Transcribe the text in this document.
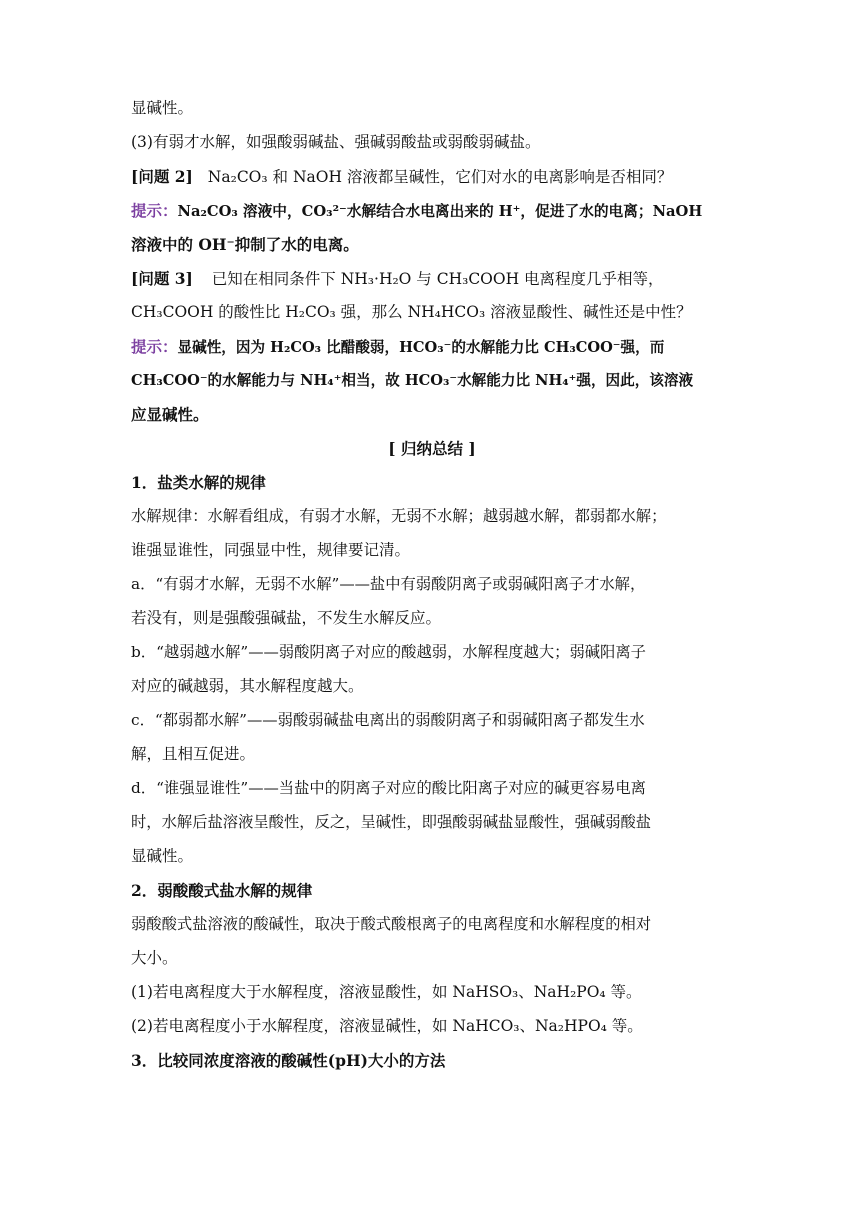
显碱性。
(3)有弱才水解，如强酸弱碱盐、强碱弱酸盐或弱酸弱碱盐。
[问题 2] Na₂CO₃ 和 NaOH 溶液都呈碱性，它们对水的电离影响是否相同？
提示：Na₂CO₃ 溶液中，CO₃²⁻水解结合水电离出来的 H⁺，促进了水的电离；NaOH
溶液中的 OH⁻抑制了水的电离。
[问题 3] 已知在相同条件下 NH₃·H₂O 与 CH₃COOH 电离程度几乎相等，
CH₃COOH 的酸性比 H₂CO₃ 强，那么 NH₄HCO₃ 溶液显酸性、碱性还是中性？
提示：显碱性，因为 H₂CO₃ 比醋酸弱，HCO₃⁻的水解能力比 CH₃COO⁻强，而
CH₃COO⁻的水解能力与 NH₄⁺相当，故 HCO₃⁻水解能力比 NH₄⁺强，因此，该溶液
应显碱性。
[ 归纳总结 ]
1．盐类水解的规律
水解规律：水解看组成，有弱才水解，无弱不水解；越弱越水解，都弱都水解；
谁强显谁性，同强显中性，规律要记清。
a．“有弱才水解，无弱不水解”——盐中有弱酸阴离子或弱碱阳离子才水解，
若没有，则是强酸强碱盐，不发生水解反应。
b．“越弱越水解”——弱酸阴离子对应的酸越弱，水解程度越大；弱碱阳离子
对应的碱越弱，其水解程度越大。
c．“都弱都水解”——弱酸弱碱盐电离出的弱酸阴离子和弱碱阳离子都发生水
解，且相互促进。
d．“谁强显谁性”——当盐中的阴离子对应的酸比阳离子对应的碱更容易电离
时，水解后盐溶液呈酸性，反之，呈碱性，即强酸弱碱盐显酸性，强碱弱酸盐
显碱性。
2．弱酸酸式盐水解的规律
弱酸酸式盐溶液的酸碱性，取决于酸式酸根离子的电离程度和水解程度的相对
大小。
(1)若电离程度大于水解程度，溶液显酸性，如 NaHSO₃、NaH₂PO₄ 等。
(2)若电离程度小于水解程度，溶液显碱性，如 NaHCO₃、Na₂HPO₄ 等。
3．比较同浓度溶液的酸碱性(pH)大小的方法
